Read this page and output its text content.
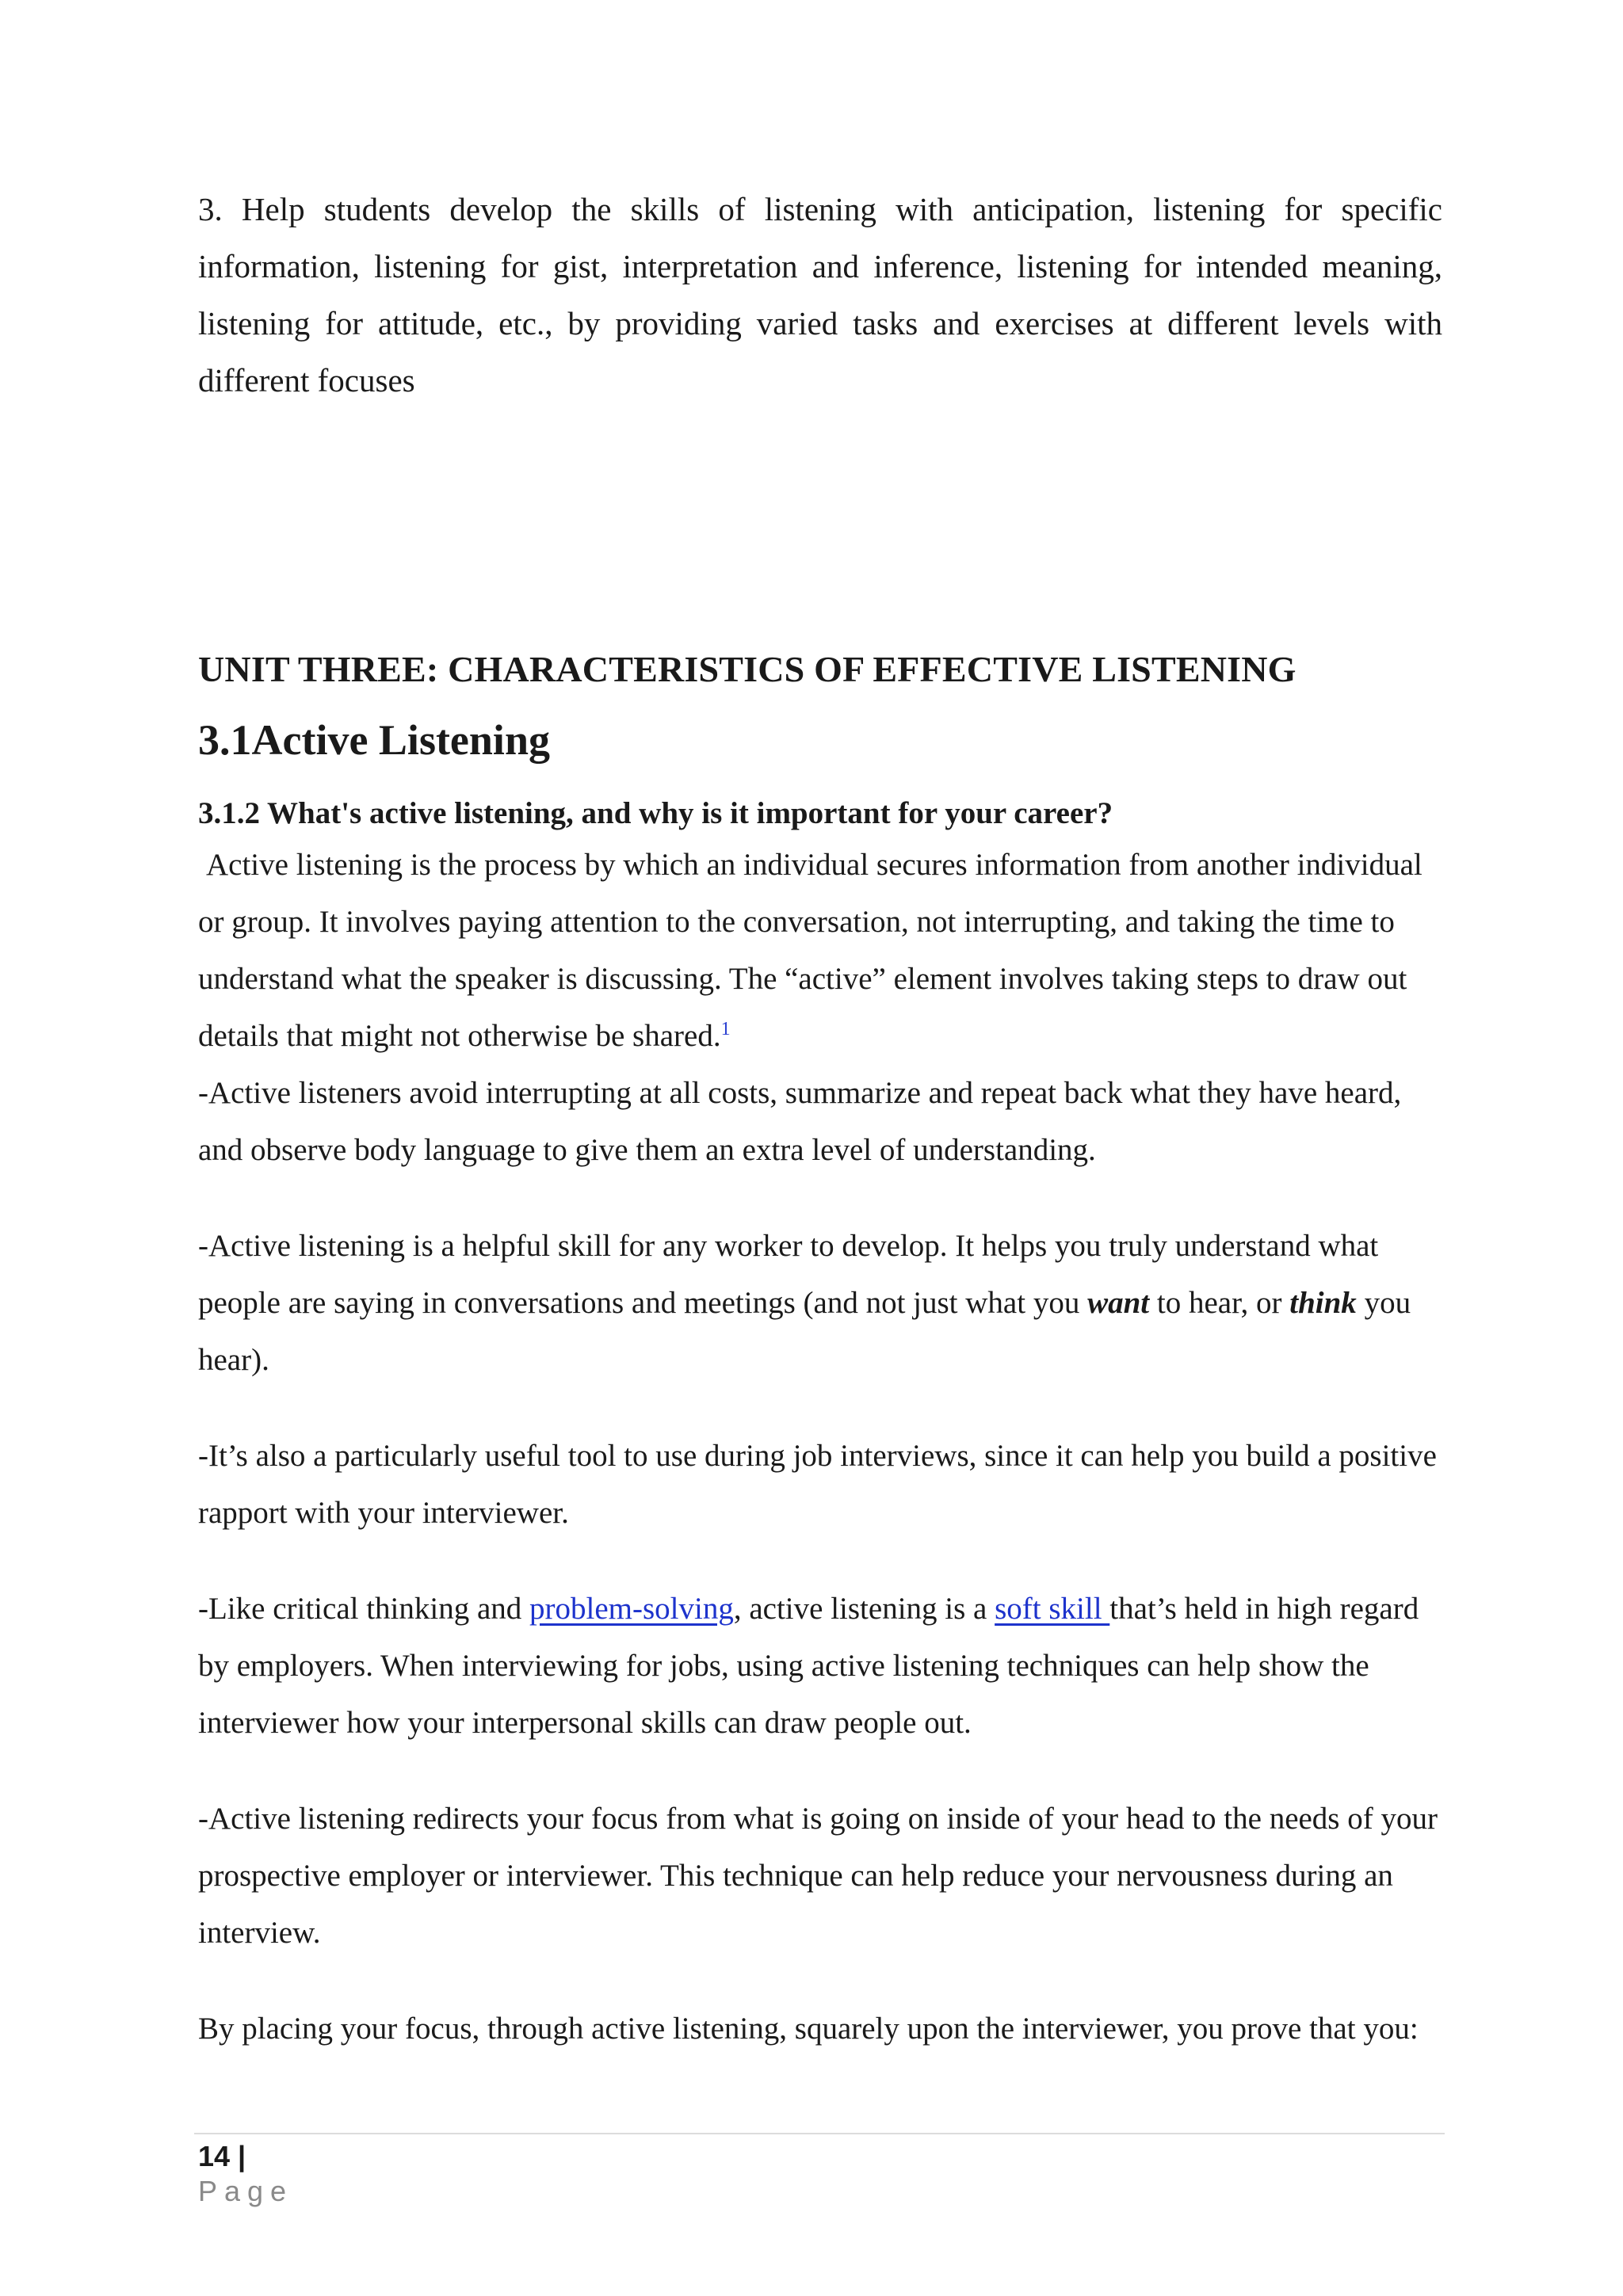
3. Help students develop the skills of listening with anticipation, listening for specific information, listening for gist, interpretation and inference, listening for intended meaning, listening for attitude, etc., by providing varied tasks and exercises at different levels with different focuses

UNIT THREE: CHARACTERISTICS OF EFFECTIVE LISTENING
3.1Active Listening
3.1.2 What's active listening, and why is it important for your career?

Active listening is the process by which an individual secures information from another individual or group. It involves paying attention to the conversation, not interrupting, and taking the time to understand what the speaker is discussing. The “active” element involves taking steps to draw out details that might not otherwise be shared.$^1$

-Active listeners avoid interrupting at all costs, summarize and repeat back what they have heard, and observe body language to give them an extra level of understanding.

-Active listening is a helpful skill for any worker to develop. It helps you truly understand what people are saying in conversations and meetings (and not just what you want to hear, or think you hear).

-It’s also a particularly useful tool to use during job interviews, since it can help you build a positive rapport with your interviewer.

-Like critical thinking and problem-solving, active listening is a soft skill that’s held in high regard by employers. When interviewing for jobs, using active listening techniques can help show the interviewer how your interpersonal skills can draw people out.

-Active listening redirects your focus from what is going on inside of your head to the needs of your prospective employer or interviewer. This technique can help reduce your nervousness during an interview.

By placing your focus, through active listening, squarely upon the interviewer, you prove that you:

14 | Page
